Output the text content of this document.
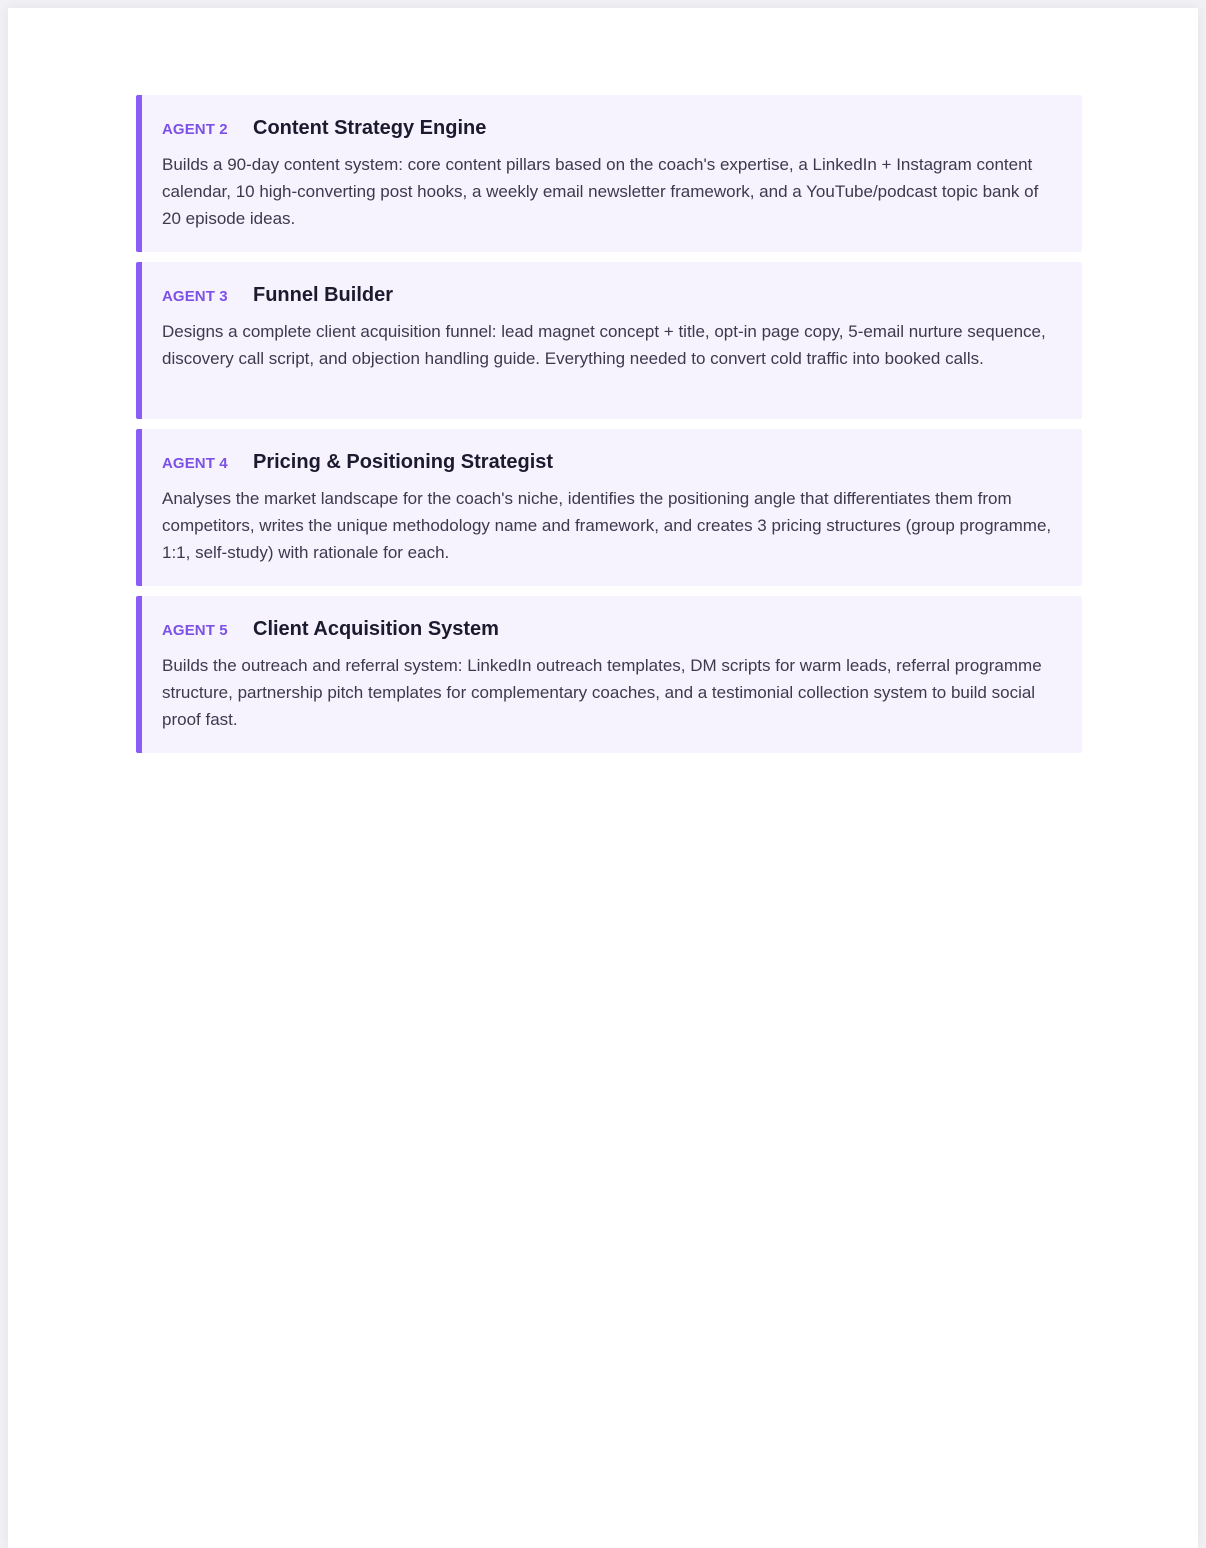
AGENT 2	Content Strategy Engine

Builds a 90-day content system: core content pillars based on the coach's expertise, a LinkedIn + Instagram content calendar, 10 high-converting post hooks, a weekly email newsletter framework, and a YouTube/podcast topic bank of 20 episode ideas.

AGENT 3	Funnel Builder

Designs a complete client acquisition funnel: lead magnet concept + title, opt-in page copy, 5-email nurture sequence, discovery call script, and objection handling guide. Everything needed to convert cold traffic into booked calls.

AGENT 4	Pricing & Positioning Strategist

Analyses the market landscape for the coach's niche, identifies the positioning angle that differentiates them from competitors, writes the unique methodology name and framework, and creates 3 pricing structures (group programme, 1:1, self-study) with rationale for each.

AGENT 5	Client Acquisition System

Builds the outreach and referral system: LinkedIn outreach templates, DM scripts for warm leads, referral programme structure, partnership pitch templates for complementary coaches, and a testimonial collection system to build social proof fast.
